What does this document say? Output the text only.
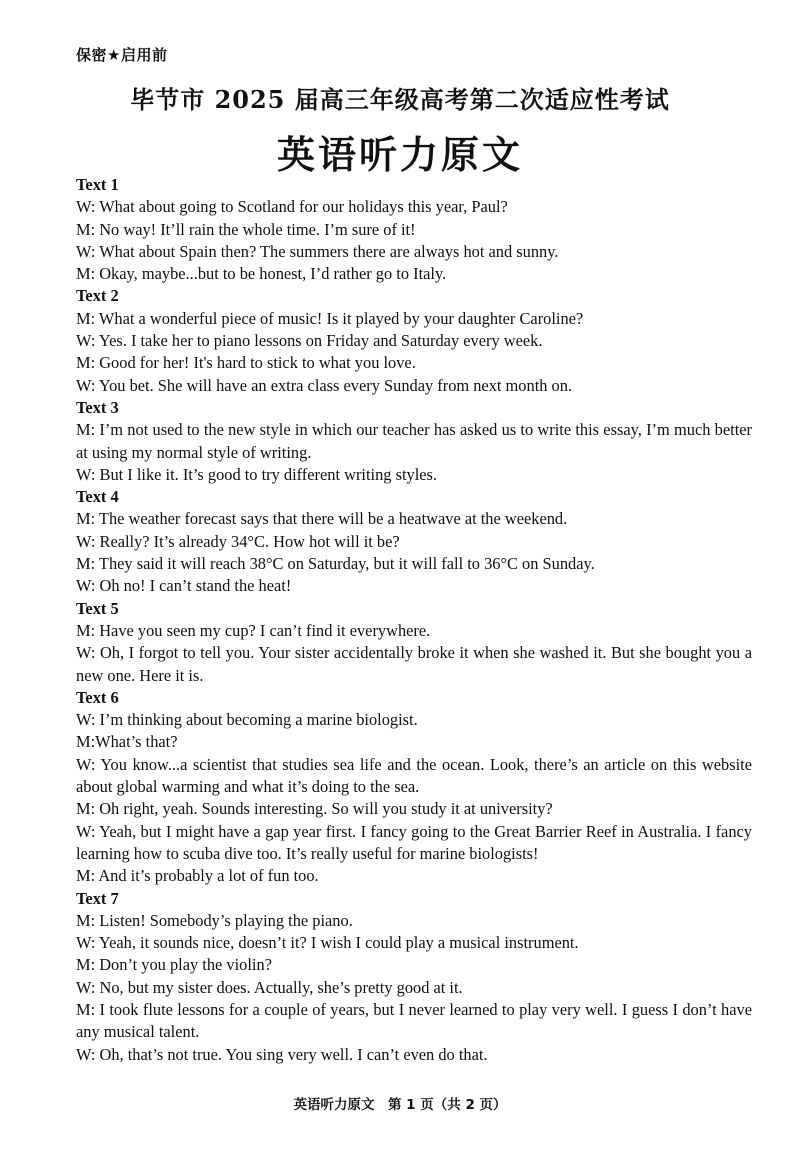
保密★启用前
毕节市 2025 届高三年级高考第二次适应性考试
英语听力原文
Text 1
W: What about going to Scotland for our holidays this year, Paul?
M: No way! It’ll rain the whole time. I’m sure of it!
W: What about Spain then? The summers there are always hot and sunny.
M: Okay, maybe...but to be honest, I’d rather go to Italy.
Text 2
M: What a wonderful piece of music! Is it played by your daughter Caroline?
W: Yes. I take her to piano lessons on Friday and Saturday every week.
M: Good for her! It's hard to stick to what you love.
W: You bet. She will have an extra class every Sunday from next month on.
Text 3
M: I’m not used to the new style in which our teacher has asked us to write this essay, I’m much better at using my normal style of writing.
W: But I like it. It’s good to try different writing styles.
Text 4
M: The weather forecast says that there will be a heatwave at the weekend.
W: Really? It’s already 34°C. How hot will it be?
M: They said it will reach 38°C on Saturday, but it will fall to 36°C on Sunday.
W: Oh no! I can’t stand the heat!
Text 5
M: Have you seen my cup? I can’t find it everywhere.
W: Oh, I forgot to tell you. Your sister accidentally broke it when she washed it. But she bought you a new one. Here it is.
Text 6
W: I’m thinking about becoming a marine biologist.
M:What’s that?
W: You know...a scientist that studies sea life and the ocean. Look, there’s an article on this website about global warming and what it’s doing to the sea.
M: Oh right, yeah. Sounds interesting. So will you study it at university?
W: Yeah, but I might have a gap year first. I fancy going to the Great Barrier Reef in Australia. I fancy learning how to scuba dive too. It’s really useful for marine biologists!
M: And it’s probably a lot of fun too.
Text 7
M: Listen! Somebody’s playing the piano.
W: Yeah, it sounds nice, doesn’t it? I wish I could play a musical instrument.
M: Don’t you play the violin?
W: No, but my sister does. Actually, she’s pretty good at it.
M: I took flute lessons for a couple of years, but I never learned to play very well. I guess I don’t have any musical talent.
W: Oh, that’s not true. You sing very well. I can’t even do that.
英语听力原文　第 1 页（共 2 页）
